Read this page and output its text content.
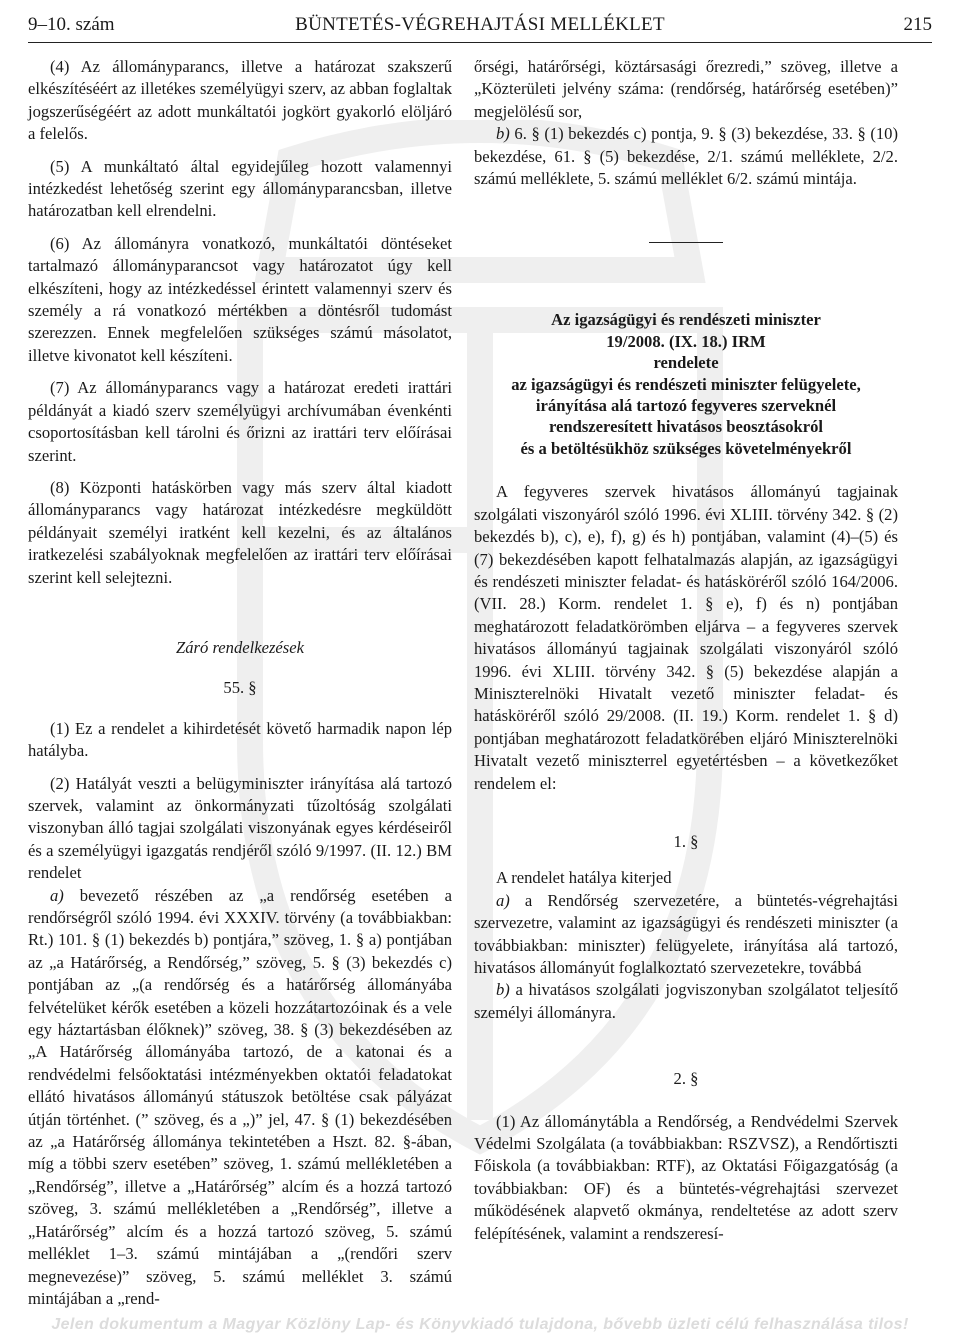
BÜNTETÉS-VÉGREHAJTÁSI MELLÉKLET
9–10. szám	215

(4) Az állományparancs, illetve a határozat szakszerű elkészítéséért az illetékes személyügyi szerv, az abban foglaltak jogszerűségéért az adott munkáltatói jogkört gyakorló elöljáró a felelős.

(5) A munkáltató által egyidejűleg hozott valamennyi intézkedést lehetőség szerint egy állományparancsban, illetve határozatban kell elrendelni.

(6) Az állományra vonatkozó, munkáltatói döntéseket tartalmazó állományparancsot vagy határozatot úgy kell elkészíteni, hogy az intézkedéssel érintett valamennyi szerv és személy a rá vonatkozó mértékben a döntésről tudomást szerezzen. Ennek megfelelően szükséges számú másolatot, illetve kivonatot kell készíteni.

(7) Az állományparancs vagy a határozat eredeti irattári példányát a kiadó szerv személyügyi archívumában évenkénti csoportosításban kell tárolni és őrizni az irattári terv előírásai szerint.

(8) Központi hatáskörben vagy más szerv által kiadott állományparancs vagy határozat intézkedésre megküldött példányait személyi iratként kell kezelni, és az általános iratkezelési szabályoknak megfelelően az irattári terv előírásai szerint kell selejtezni.

Záró rendelkezések

55. §

(1) Ez a rendelet a kihirdetését követő harmadik napon lép hatályba.

(2) Hatályát veszti a belügyminiszter irányítása alá tartozó szervek, valamint az önkormányzati tűzoltóság szolgálati viszonyban álló tagjai szolgálati viszonyának egyes kérdéseiről és a személyügyi igazgatás rendjéről szóló 9/1997. (II. 12.) BM rendelet

a) bevezető részében az „a rendőrség esetében a rendőrségről szóló 1994. évi XXXIV. törvény (a továbbiakban: Rt.) 101. § (1) bekezdés b) pontjára,” szöveg, 1. § a) pontjában az „a Határőrség, a Rendőrség,” szöveg, 5. § (3) bekezdés c) pontjában az „(a rendőrség és a határőrség állományába felvételüket kérők esetében a közeli hozzátartozóinak és a vele egy háztartásban élőknek)” szöveg, 38. § (3) bekezdésében az „A Határőrség állományába tartozó, de a katonai és a rendvédelmi felsőoktatási intézményekben oktatói feladatokat ellátó hivatásos állományú státuszok betöltése csak pályázat útján történhet. (” szöveg, és a „)” jel, 47. § (1) bekezdésében az „a Határőrség állománya tekintetében a Hszt. 82. §-ában, míg a többi szerv esetében” szöveg, 1. számú mellékletében a „Rendőrség”, illetve a „Határőrség” alcím és a hozzá tartozó szöveg, 3. számú mellékletében a „Rendőrség”, illetve a „Határőrség” alcím és a hozzá tartozó szöveg, 5. számú melléklet 1–3. számú mintájában a „(rendőri szerv megnevezése)” szöveg, 5. számú melléklet 3. számú mintájában a „rend-

őrségi, határőrségi, köztársasági őrezredi,” szöveg, illetve a „Közterületi jelvény száma: (rendőrség, határőrség esetében)” megjelölésű sor,

b) 6. § (1) bekezdés c) pontja, 9. § (3) bekezdése, 33. § (10) bekezdése, 61. § (5) bekezdése, 2/1. számú melléklete, 2/2. számú melléklete, 5. számú melléklet 6/2. számú mintája.

Az igazságügyi és rendészeti miniszter
19/2008. (IX. 18.) IRM
rendelete
az igazságügyi és rendészeti miniszter felügyelete,
irányítása alá tartozó fegyveres szerveknél
rendszeresített hivatásos beosztásokról
és a betöltésükhöz szükséges követelményekről

A fegyveres szervek hivatásos állományú tagjainak szolgálati viszonyáról szóló 1996. évi XLIII. törvény 342. § (2) bekezdés b), c), e), f), g) és h) pontjában, valamint (4)–(5) és (7) bekezdésében kapott felhatalmazás alapján, az igazságügyi és rendészeti miniszter feladat- és hatásköréről szóló 164/2006. (VII. 28.) Korm. rendelet 1. § e), f) és n) pontjában meghatározott feladatkörömben eljárva – a fegyveres szervek hivatásos állományú tagjainak szolgálati viszonyáról szóló 1996. évi XLIII. törvény 342. § (5) bekezdése alapján a Miniszterelnöki Hivatalt vezető miniszter feladat- és hatásköréről szóló 29/2008. (II. 19.) Korm. rendelet 1. § d) pontjában meghatározott feladatkörében eljáró Miniszterelnöki Hivatalt vezető miniszterrel egyetértésben – a következőket rendelem el:

1. §

A rendelet hatálya kiterjed

a) a Rendőrség szervezetére, a büntetés-végrehajtási szervezetre, valamint az igazságügyi és rendészeti miniszter (a továbbiakban: miniszter) felügyelete, irányítása alá tartozó, hivatásos állományút foglalkoztató szervezetekre, továbbá

b) a hivatásos szolgálati jogviszonyban szolgálatot teljesítő személyi állományra.

2. §

(1) Az állománytábla a Rendőrség, a Rendvédelmi Szervek Védelmi Szolgálata (a továbbiakban: RSZVSZ), a Rendőrtiszti Főiskola (a továbbiakban: RTF), az Oktatási Főigazgatóság (a továbbiakban: OF) és a büntetés-végrehajtási szervezet működésének alapvető okmánya, rendeltetése az adott szerv felépítésének, valamint a rendszeresí-

Jelen dokumentum a Magyar Közlöny Lap- és Könyvkiadó tulajdona, bővebb üzleti célú felhasználása tilos!
